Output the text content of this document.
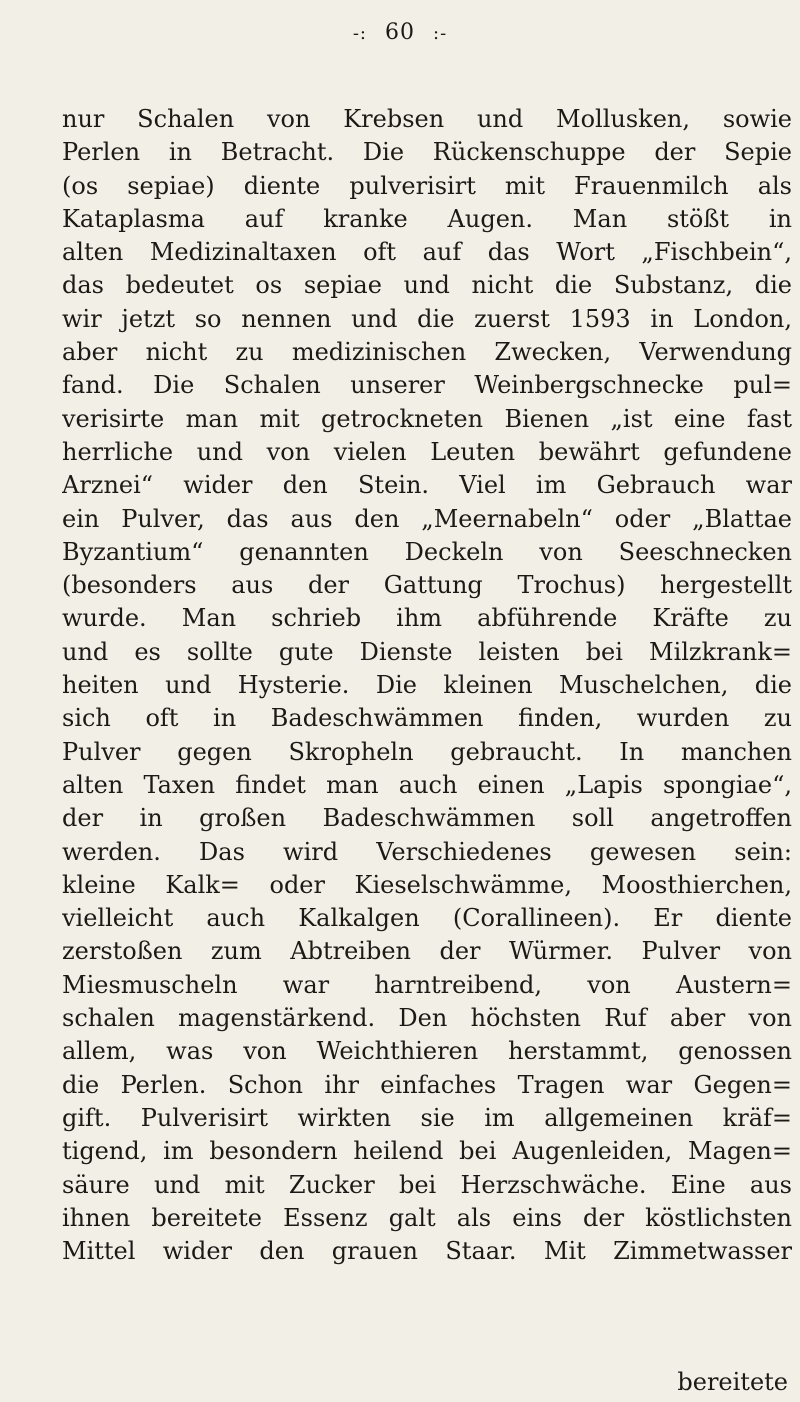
-: 60 :-
nur Schalen von Krebsen und Mollusken, sowie
Perlen in Betracht. Die Rückenschuppe der Sepie
(os sepiae) diente pulverisirt mit Frauenmilch als
Kataplasma auf kranke Augen. Man stößt in
alten Medizinaltaxen oft auf das Wort „Fischbein“,
das bedeutet os sepiae und nicht die Substanz, die
wir jetzt so nennen und die zuerst 1593 in London,
aber nicht zu medizinischen Zwecken, Verwendung
fand. Die Schalen unserer Weinbergschnecke pul=
verisirte man mit getrockneten Bienen „ist eine fast
herrliche und von vielen Leuten bewährt gefundene
Arznei“ wider den Stein. Viel im Gebrauch war
ein Pulver, das aus den „Meernabeln“ oder „Blattae
Byzantium“ genannten Deckeln von Seeschnecken
(besonders aus der Gattung Trochus) hergestellt
wurde. Man schrieb ihm abführende Kräfte zu
und es sollte gute Dienste leisten bei Milzkrank=
heiten und Hysterie. Die kleinen Muschelchen, die
sich oft in Badeschwämmen finden, wurden zu
Pulver gegen Skropheln gebraucht. In manchen
alten Taxen findet man auch einen „Lapis spongiae“,
der in großen Badeschwämmen soll angetroffen
werden. Das wird Verschiedenes gewesen sein:
kleine Kalk= oder Kieselschwämme, Moosthierchen,
vielleicht auch Kalkalgen (Corallineen). Er diente
zerstoßen zum Abtreiben der Würmer. Pulver von
Miesmuscheln war harntreibend, von Austern=
schalen magenstärkend. Den höchsten Ruf aber von
allem, was von Weichthieren herstammt, genossen
die Perlen. Schon ihr einfaches Tragen war Gegen=
gift. Pulverisirt wirkten sie im allgemeinen kräf=
tigend, im besondern heilend bei Augenleiden, Magen=
säure und mit Zucker bei Herzschwäche. Eine aus
ihnen bereitete Essenz galt als eins der köstlichsten
Mittel wider den grauen Staar. Mit Zimmetwasser
bereitete
